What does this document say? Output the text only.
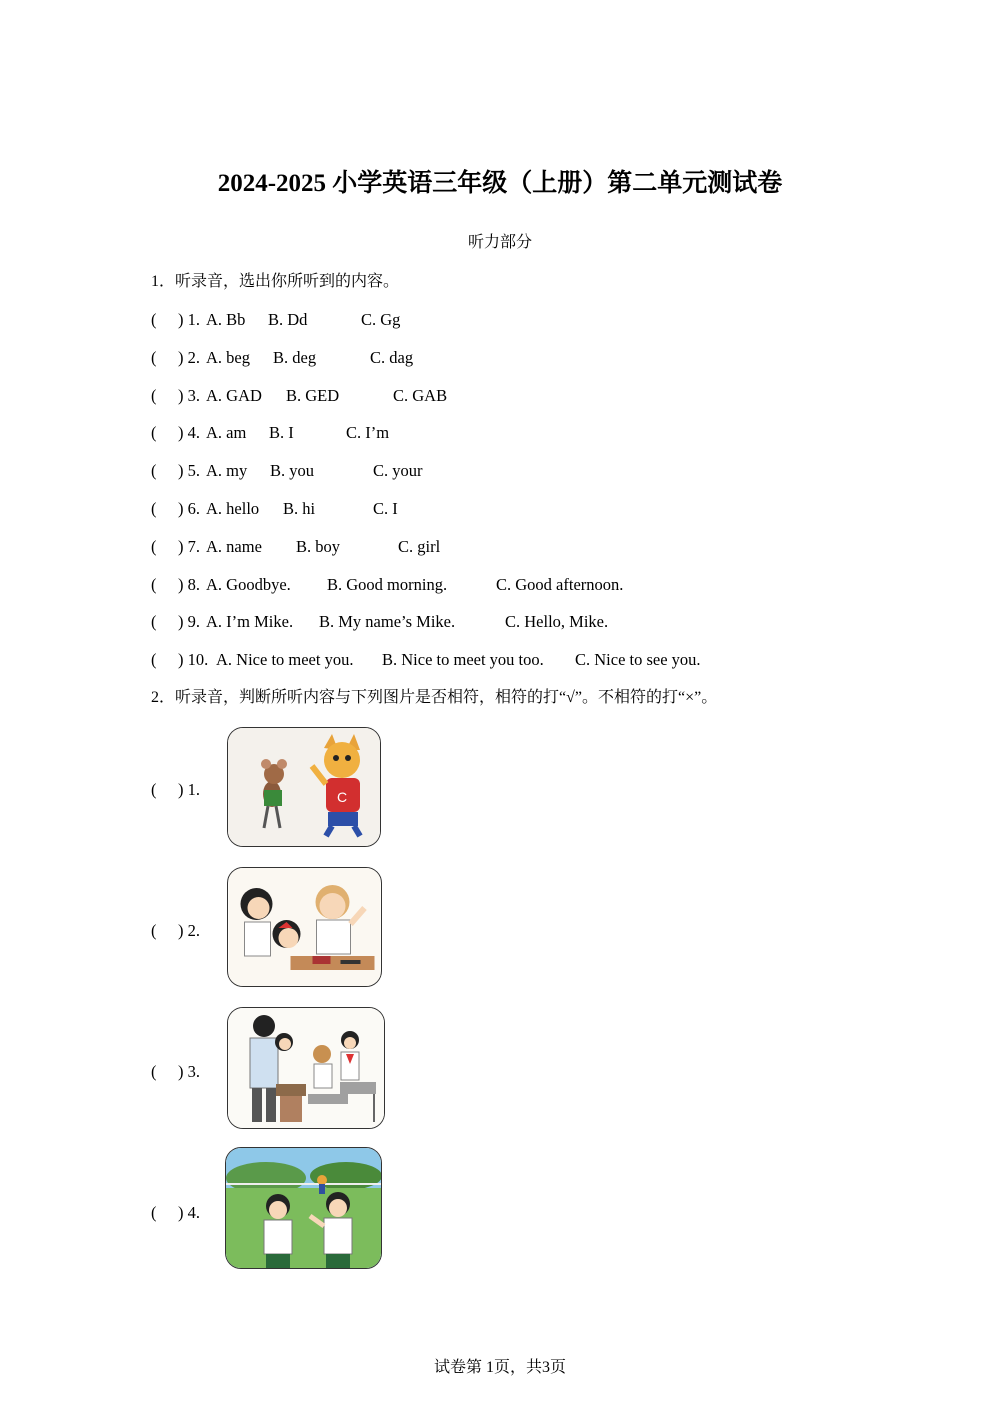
2024-2025 小学英语三年级（上册）第二单元测试卷
听力部分
1．听录音，选出你所听到的内容。
( ) 1. A. Bb B. Dd	C. Gg
( ) 2. A. beg B. deg	C. dag
( ) 3. A. GAD B. GED	C. GAB
( ) 4. A. am B. I	C. I’m
( ) 5. A. my B. you	C. your
( ) 6. A. hello B. hi	C. I
( ) 7. A. name B. boy	C. girl
( ) 8. A. Goodbye. B. Good morning.	C. Good afternoon.
( ) 9. A. I’m Mike. B. My name’s Mike.	C. Hello, Mike.
( ) 10. A. Nice to meet you. B. Nice to meet you too. C. Nice to see you.
2．听录音，判断所听内容与下列图片是否相符，相符的打“√”。不相符的打“×”。
( ) 1.	C
( ) 2.
( ) 3.
( ) 4.
试卷第 1页，共3页
